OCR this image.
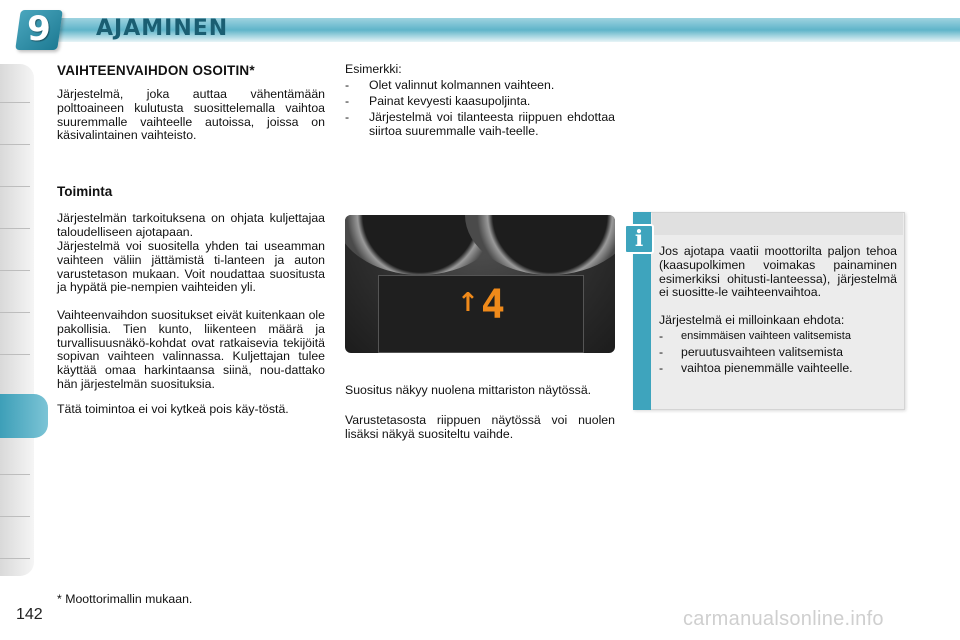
9	AJAMINEN
VAIHTEENVAIHDON OSOITIN*
Järjestelmä, joka auttaa vähentämään polttoaineen kulutusta suosittelemalla vaihtoa suuremmalle vaihteelle autoissa, joissa on käsivalintainen vaihteisto.
Toiminta
Järjestelmän tarkoituksena on ohjata kuljettajaa taloudelliseen ajotapaan.
Järjestelmä voi suositella yhden tai useamman vaihteen väliin jättämistä ti-lanteen ja auton varustetason mukaan. Voit noudattaa suositusta ja hypätä pie-nempien vaihteiden yli.
Vaihteenvaihdon suositukset eivät kuitenkaan ole pakollisia. Tien kunto, liikenteen määrä ja turvallisuusnäkö-kohdat ovat ratkaisevia tekijöitä sopivan vaihteen valinnassa. Kuljettajan tulee käyttää omaa harkintaansa siinä, nou-dattako hän järjestelmän suosituksia.
Tätä toimintoa ei voi kytkeä pois käy-töstä.
Esimerkki:
- Olet valinnut kolmannen vaihteen.
- Painat kevyesti kaasupoljinta.
- Järjestelmä voi tilanteesta riippuen ehdottaa siirtoa suuremmalle vaih-teelle.
↑ 4
Suositus näkyy nuolena mittariston näytössä.
Varustetasosta riippuen näytössä voi nuolen lisäksi näkyä suositeltu vaihde.
i	Jos ajotapa vaatii moottorilta paljon tehoa (kaasupolkimen voimakas painaminen esimerkiksi ohitusti-lanteessa), järjestelmä ei suositte-le vaihteenvaihtoa.
Järjestelmä ei milloinkaan ehdota:
- ensimmäisen vaihteen valitsemista
- peruutusvaihteen valitsemista
- vaihtoa pienemmälle vaihteelle.
* Moottorimallin mukaan.
142	carmanualsonline.info
